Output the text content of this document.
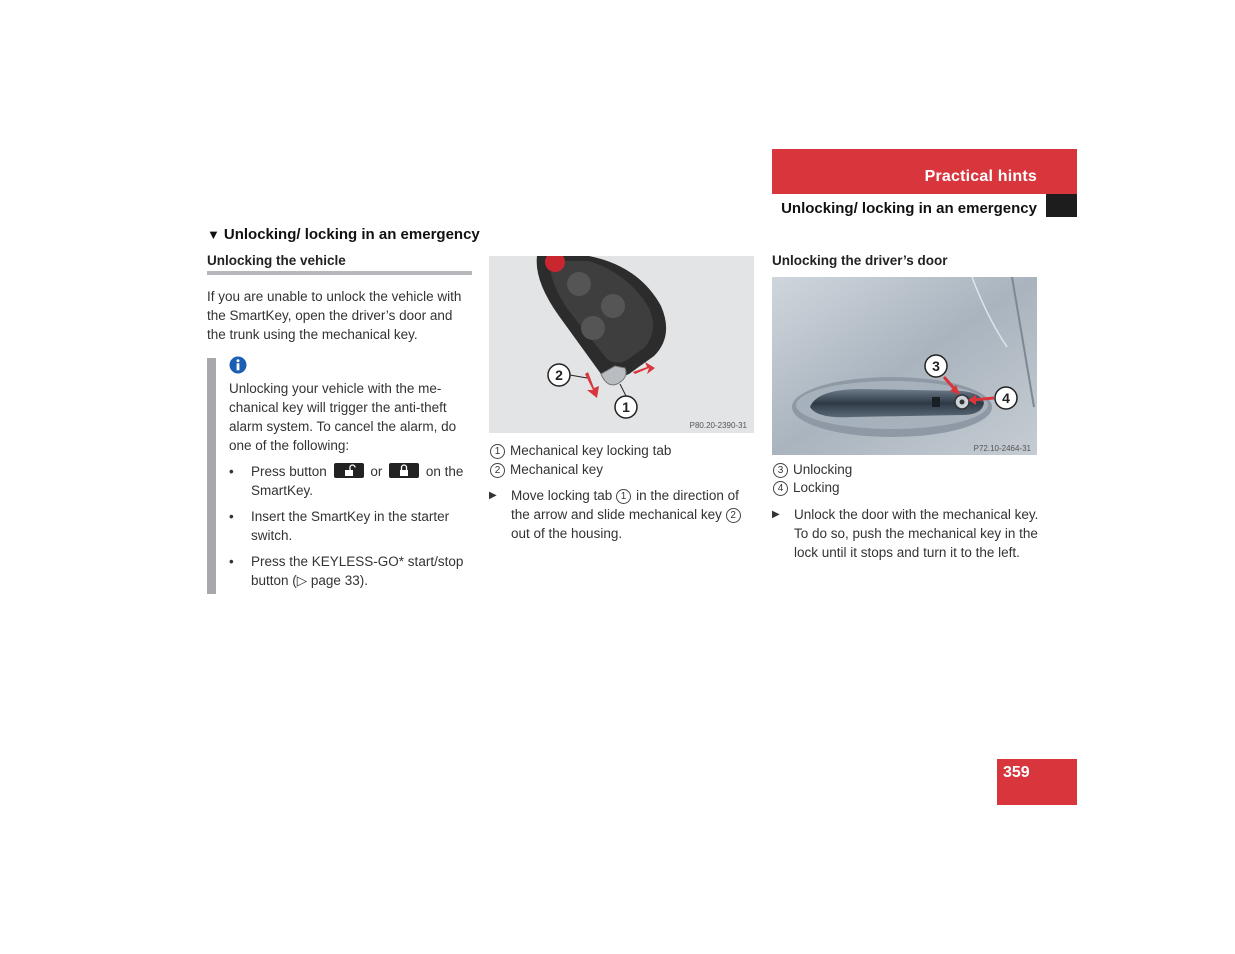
Practical hints
Unlocking/ locking in an emergency
▼ Unlocking/ locking in an emergency
Unlocking the vehicle
If you are unable to unlock the vehicle with the SmartKey, open the driver’s door and the trunk using the mechanical key.
Unlocking your vehicle with the me-chanical key will trigger the anti-theft alarm system. To cancel the alarm, do one of the following:
• Press button	or	on the SmartKey.
• Insert the SmartKey in the starter switch.
• Press the KEYLESS-GO* start/stop button (▷ page 33).
2
1
P80.20-2390-31
1 Mechanical key locking tab
2 Mechanical key
▶ Move locking tab 1 in the direction of the arrow and slide mechanical key 2out of the housing.
Unlocking the driver’s door
3
4
P72.10-2464-31
3 Unlocking
4 Locking
▶ Unlock the door with the mechanical key. To do so, push the mechanical key in the lock until it stops and turn it to the left.
359
